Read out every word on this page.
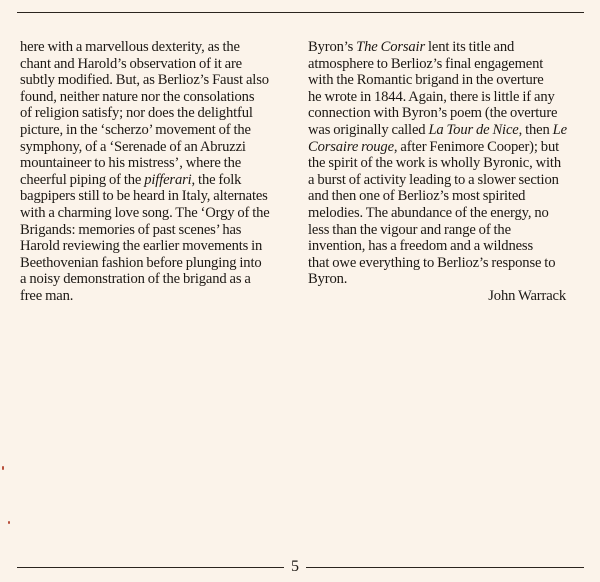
here with a marvellous dexterity, as the
chant and Harold’s observation of it are
subtly modified. But, as Berlioz’s Faust also
found, neither nature nor the consolations
of religion satisfy; nor does the delightful
picture, in the ‘scherzo’ movement of the
symphony, of a ‘Serenade of an Abruzzi
mountaineer to his mistress’, where the
cheerful piping of the pifferari, the folk
bagpipers still to be heard in Italy, alternates
with a charming love song. The ‘Orgy of the
Brigands: memories of past scenes’ has
Harold reviewing the earlier movements in
Beethovenian fashion before plunging into
a noisy demonstration of the brigand as a
free man.
Byron’s The Corsair lent its title and
atmosphere to Berlioz’s final engagement
with the Romantic brigand in the overture
he wrote in 1844. Again, there is little if any
connection with Byron’s poem (the overture
was originally called La Tour de Nice, then Le
Corsaire rouge, after Fenimore Cooper); but
the spirit of the work is wholly Byronic, with
a burst of activity leading to a slower section
and then one of Berlioz’s most spirited
melodies. The abundance of the energy, no
less than the vigour and range of the
invention, has a freedom and a wildness
that owe everything to Berlioz’s response to
Byron.
John Warrack
5
